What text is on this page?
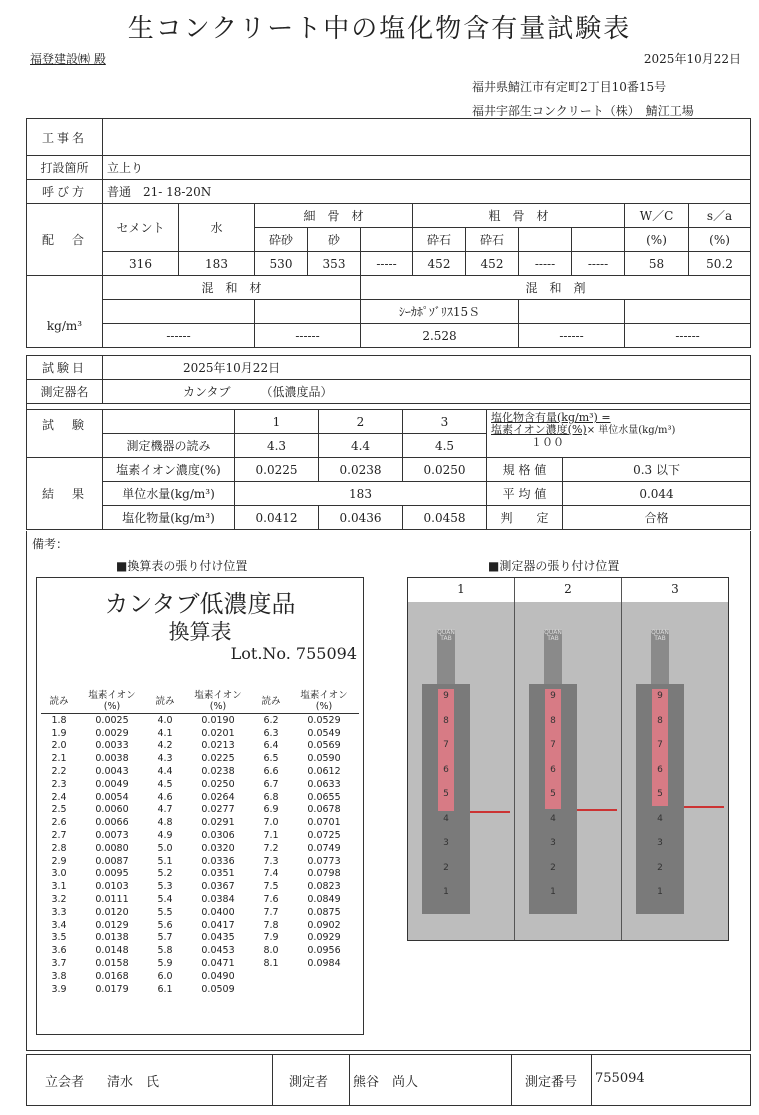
生コンクリート中の塩化物含有量試験表
福登建設㈱ 殿	2025年10月22日
福井県鯖江市有定町2丁目10番15号
福井宇部生コンクリート（株）　鯖江工場
工事名											
打設箇所	立上り										
呼び方	普通　21- 18-20N										
配　合	セメント	水	細　骨　材			粗　骨　材				W／C	s／a
			砕砂	砂		砕石	砕石			(%)	(%)
	316	183	530	353	-----	452	452	-----	-----	58	50.2
kg/m³	混　和　材				混　和　剤						
					ｼｰｶﾎﾟｿﾞﾘｽ15Ｓ						
	------		------		2.528			------		------	
試験日	2025年10月22日					
測定器名	カンタブ　　　（低濃度品）					

試　験		1	2	3	塩化物含有量(kg/m³) =
塩素イオン濃度(%)× 単位水量(kg/m³)
１００	

	測定機器の読み	4.3	4.4	4.5		
結　果	塩素イオン濃度(%)	0.0225	0.0238	0.0250	規 格 値	0.3 以下
	単位水量(kg/m³)	183			平 均 値	0.044
	塩化物量(kg/m³)	0.0412	0.0436	0.0458	判　　定	合格
備考：
■換算表の張り付け位置	■測定器の張り付け位置
カンタブ低濃度品
換算表
Lot.No. 755094
読み	塩素イオン
(%)	読み	塩素イオン
(%)	読み	塩素イオン
(%)
1.8	0.0025	4.0	0.0190	6.2	0.0529
1.9	0.0029	4.1	0.0201	6.3	0.0549
2.0	0.0033	4.2	0.0213	6.4	0.0569
2.1	0.0038	4.3	0.0225	6.5	0.0590
2.2	0.0043	4.4	0.0238	6.6	0.0612
2.3	0.0049	4.5	0.0250	6.7	0.0633
2.4	0.0054	4.6	0.0264	6.8	0.0655
2.5	0.0060	4.7	0.0277	6.9	0.0678
2.6	0.0066	4.8	0.0291	7.0	0.0701
2.7	0.0073	4.9	0.0306	7.1	0.0725
2.8	0.0080	5.0	0.0320	7.2	0.0749
2.9	0.0087	5.1	0.0336	7.3	0.0773
3.0	0.0095	5.2	0.0351	7.4	0.0798
3.1	0.0103	5.3	0.0367	7.5	0.0823
3.2	0.0111	5.4	0.0384	7.6	0.0849
3.3	0.0120	5.5	0.0400	7.7	0.0875
3.4	0.0129	5.6	0.0417	7.8	0.0902
3.5	0.0138	5.7	0.0435	7.9	0.0929
3.6	0.0148	5.8	0.0453	8.0	0.0956
3.7	0.0158	5.9	0.0471	8.1	0.0984
3.8	0.0168	6.0	0.0490		
3.9	0.0179	6.1	0.0509		
1
QUANTAB
9
8
7
6
5
4
3
2
1
2
QUANTAB
9
8
7
6
5
4
3
2
1
3
QUANTAB
9
8
7
6
5
4
3
2
1
立会者 清水　氏	測定者 熊谷　尚人	測定番号 755094
